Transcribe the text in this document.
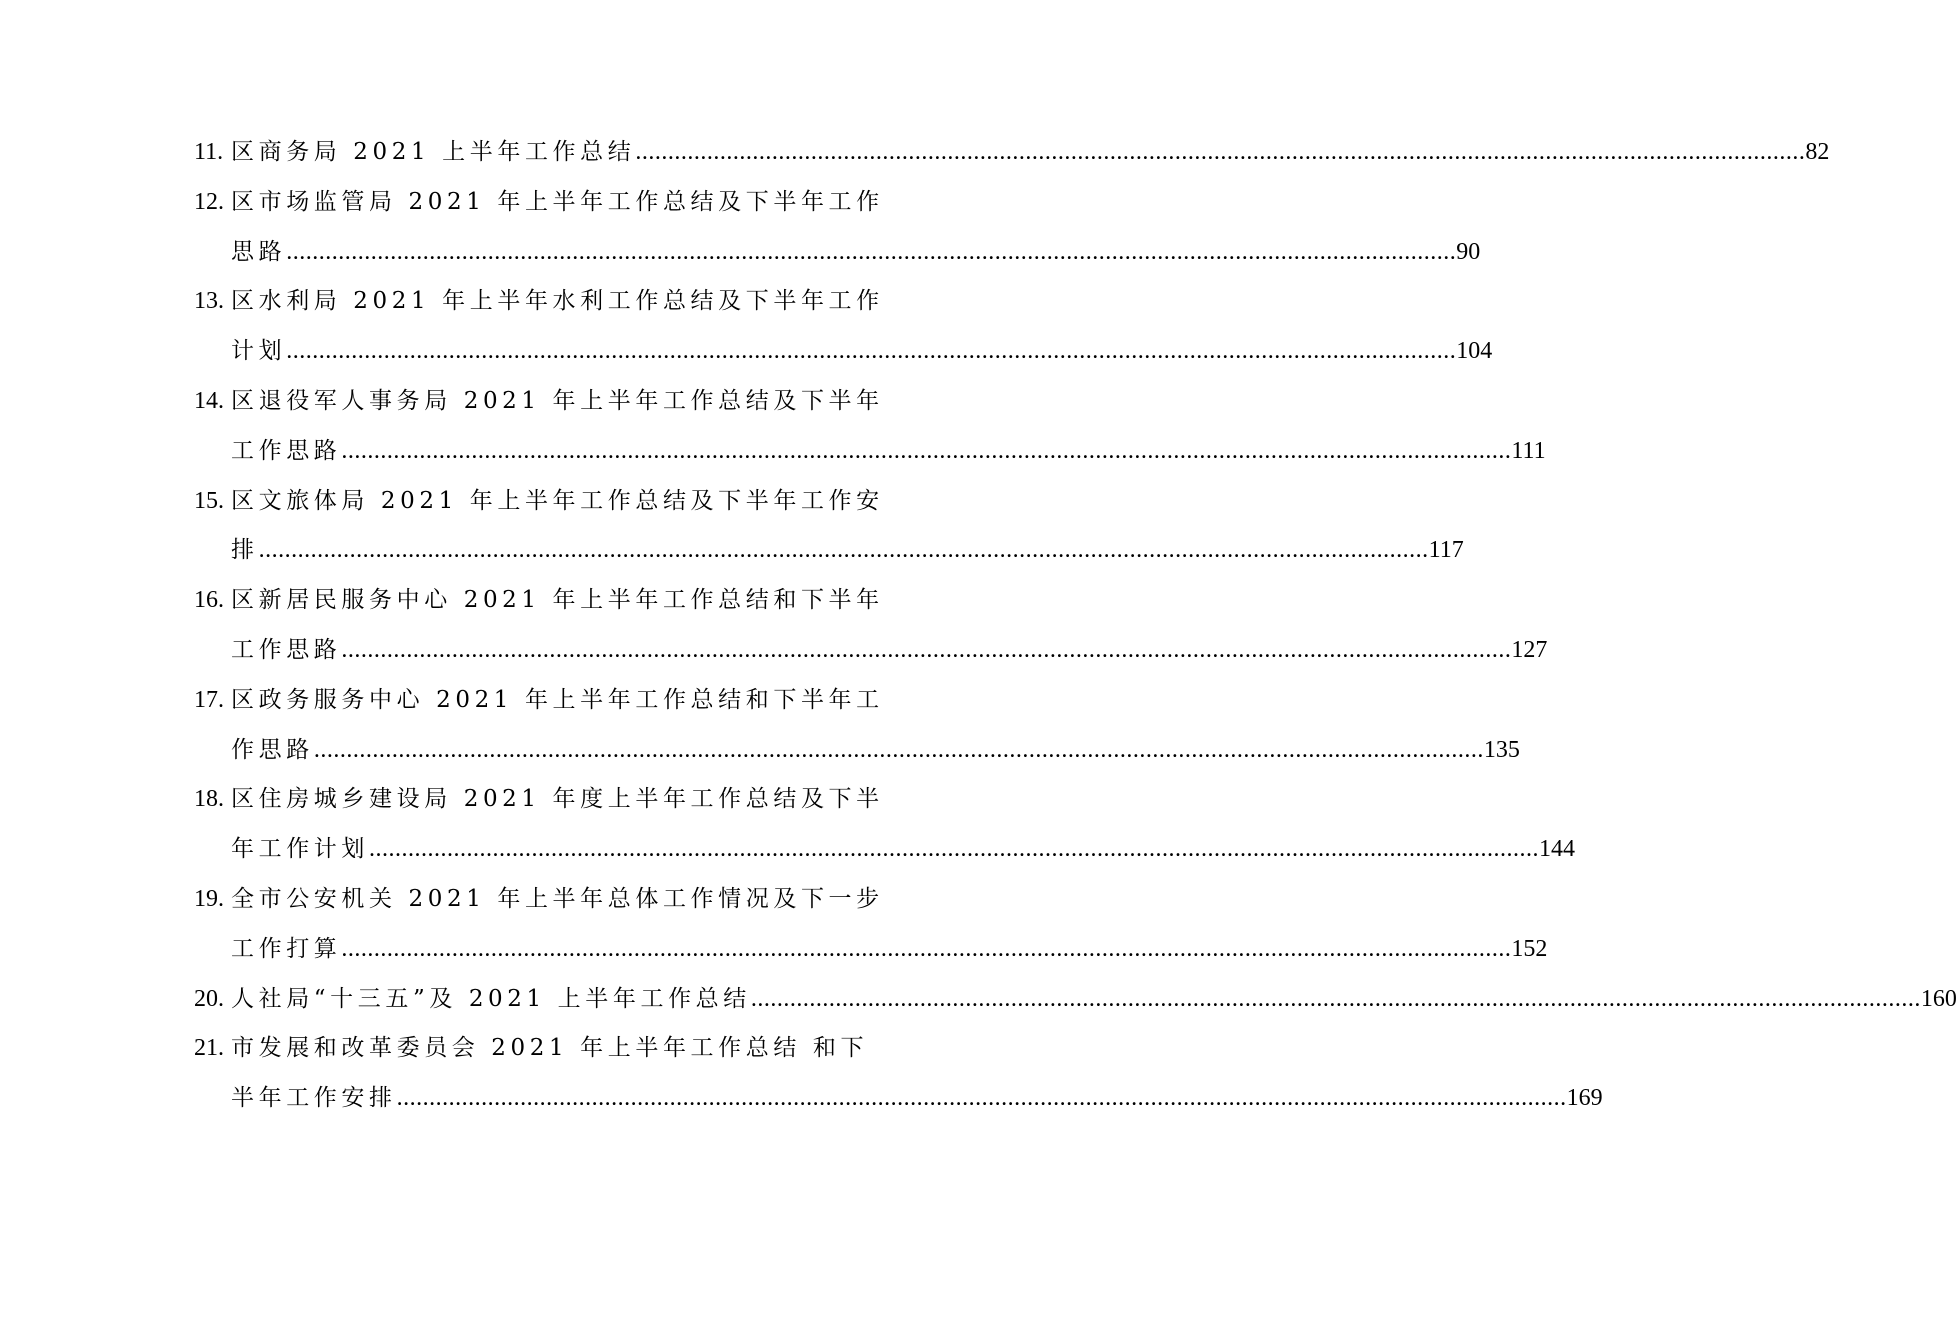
11. 区商务局 2021 上半年工作总结 .....	82
12. 区市场监管局 2021 年上半年工作总结及下半年工作
思路 .....	90
13. 区水利局 2021 年上半年水利工作总结及下半年工作
计划 .....	104
14. 区退役军人事务局 2021 年上半年工作总结及下半年
工作思路 .....	111
15. 区文旅体局 2021 年上半年工作总结及下半年工作安
排 .....	117
16. 区新居民服务中心 2021 年上半年工作总结和下半年
工作思路 .....	127
17. 区政务服务中心 2021 年上半年工作总结和下半年工
作思路 .....	135
18. 区住房城乡建设局 2021 年度上半年工作总结及下半
年工作计划 .....	144
19. 全市公安机关 2021 年上半年总体工作情况及下一步
工作打算 .....	152
20. 人社局“十三五”及 2021 上半年工作总结 .....	160
21. 市发展和改革委员会 2021 年上半年工作总结 和下
半年工作安排 .....	169
